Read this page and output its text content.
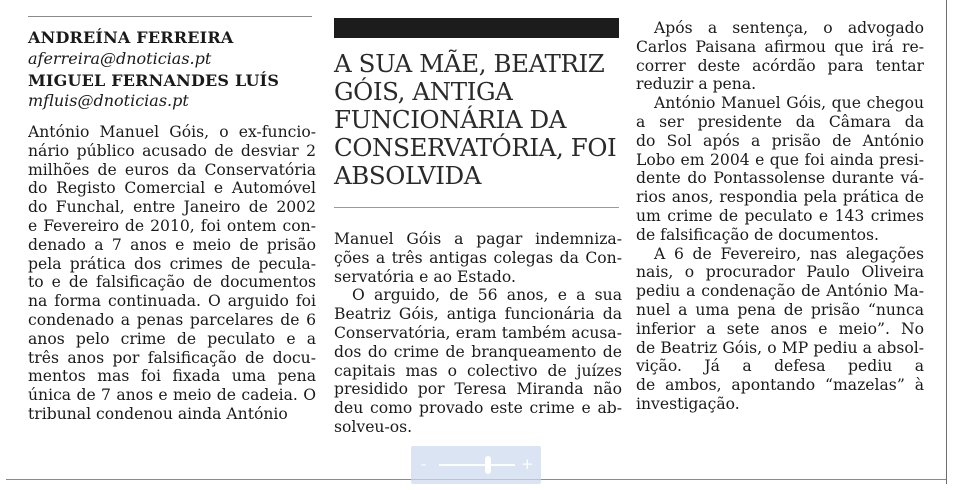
ANDREÍNA FERREIRA
aferreira@dnoticias.pt
MIGUEL FERNANDES LUÍS
mfluis@dnoticias.pt
António Manuel Góis, o ex-funcio-
nário público acusado de desviar 2
milhões de euros da Conservatória
do Registo Comercial e Automóvel
do Funchal, entre Janeiro de 2002
e Fevereiro de 2010, foi ontem con-
denado a 7 anos e meio de prisão
pela prática dos crimes de peculа-
to e de falsificação de documentos
na forma continuada. O arguido foi
condenado a penas parcelares de 6
anos pelo crime de peculato e a
três anos por falsificação de docu-
mentos mas foi fixada uma pena
única de 7 anos e meio de cadeia. O
tribunal condenou ainda António
A SUA MÃE, BEATRIZ GÓIS, ANTIGA FUNCIONÁRIA DA CONSERVATÓRIA, FOI ABSOLVIDA
Manuel Góis a pagar indemniza-
ções a três antigas colegas da Con-
servatória e ao Estado.
O arguido, de 56 anos, e a sua
Beatriz Góis, antiga funcionária da
Conservatória, eram também acusa-
dos do crime de branqueamento de
capitais mas o colectivo de juízes
presidido por Teresa Miranda não
deu como provado este crime e ab-
solveu-os.
Após a sentença, o advogado
Carlos Paisana afirmou que irá re-
correr deste acórdão para tentar
reduzir a pena.
António Manuel Góis, que chegou
a ser presidente da Câmara da
do Sol após a prisão de António
Lobo em 2004 e que foi ainda presi-
dente do Pontassolense durante vá-
rios anos, respondia pela prática de
um crime de peculato e 143 crimes
de falsificação de documentos.
A 6 de Fevereiro, nas alegações
nais, o procurador Paulo Oliveira
pediu a condenação de António Ma-
nuel a uma pena de prisão “nunca
inferior a sete anos e meio”. No
de Beatriz Góis, o MP pediu a absol-
vição. Já a defesa pediu a
de ambos, apontando “mazelas” à
investigação.
-	+
